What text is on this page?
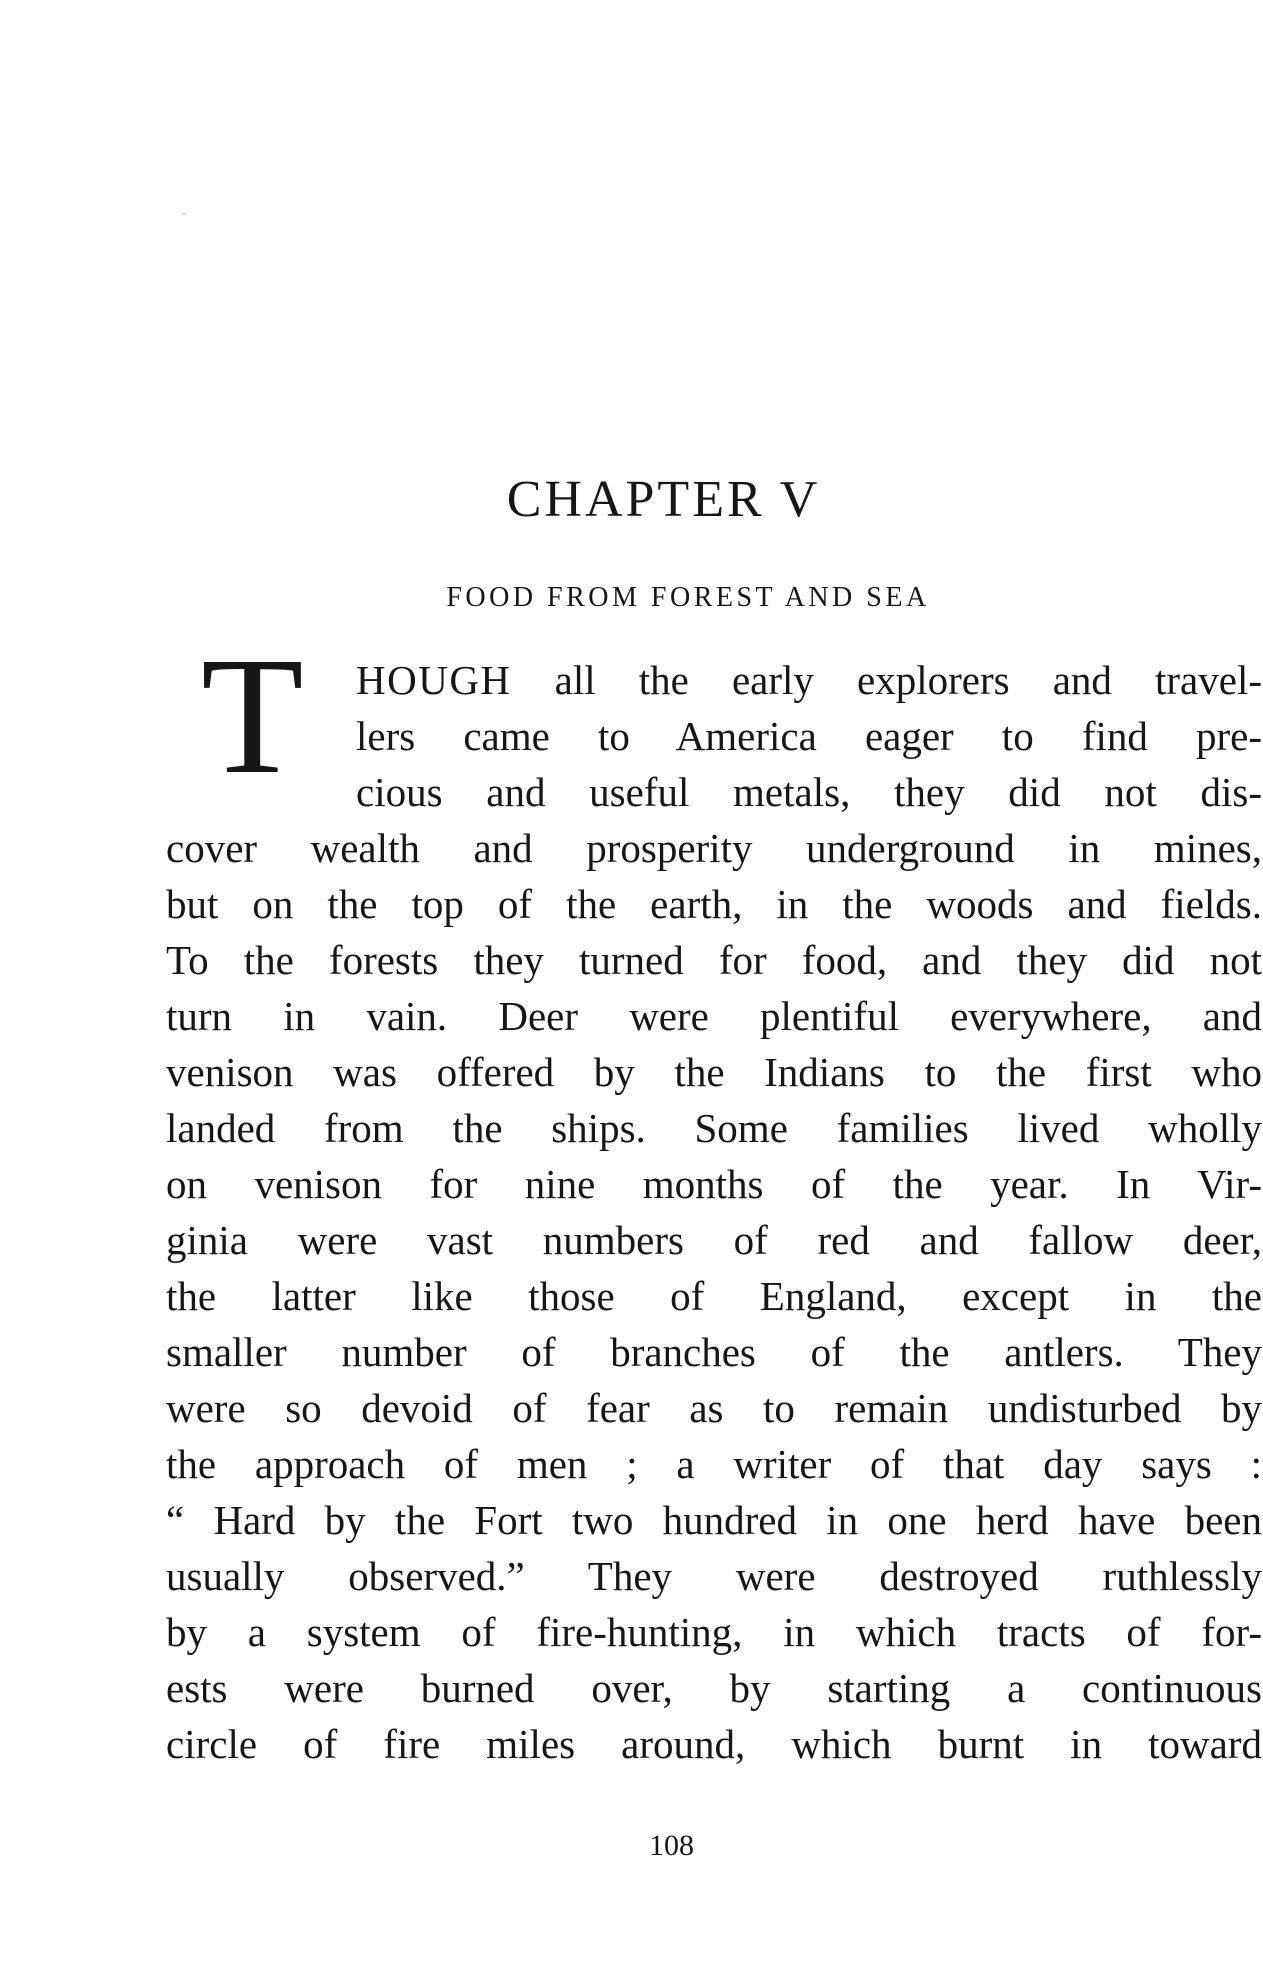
CHAPTER V
FOOD FROM FOREST AND SEA
T HOUGH all the early explorers and travel-
lers came to America eager to find pre-
cious and useful metals, they did not dis-
cover wealth and prosperity underground in mines,
but on the top of the earth, in the woods and fields.
To the forests they turned for food, and they did not
turn in vain. Deer were plentiful everywhere, and
venison was offered by the Indians to the first who
landed from the ships. Some families lived wholly
on venison for nine months of the year. In Vir-
ginia were vast numbers of red and fallow deer,
the latter like those of England, except in the
smaller number of branches of the antlers. They
were so devoid of fear as to remain undisturbed by
the approach of men ; a writer of that day says :
“ Hard by the Fort two hundred in one herd have been
usually observed.” They were destroyed ruthlessly
by a system of fire-hunting, in which tracts of for-
ests were burned over, by starting a continuous
circle of fire miles around, which burnt in toward

108
